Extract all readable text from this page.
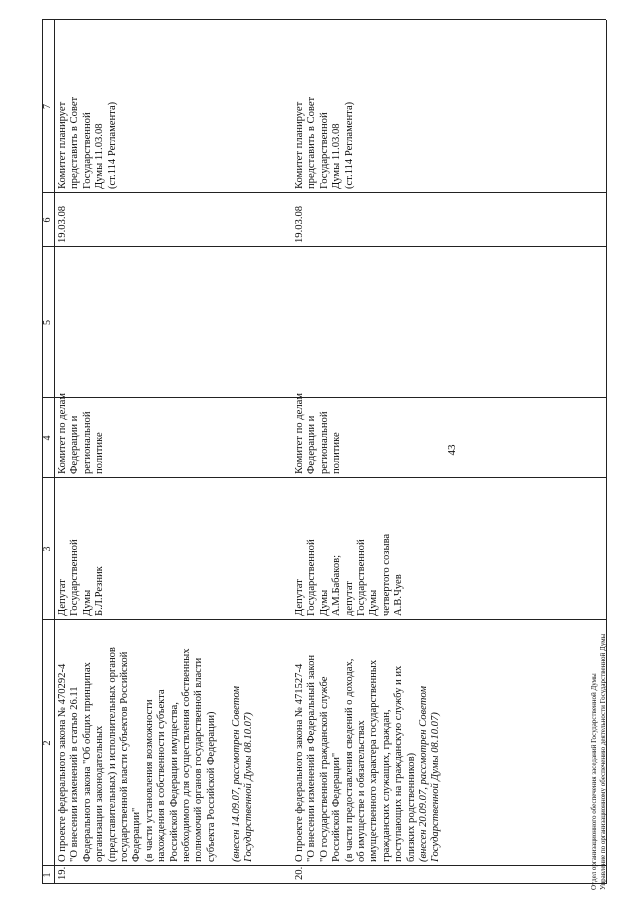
43
1
2
3
4
5
6
7
19.
О проекте федерального закона № 470292-4
"О внесении изменений в статью 26.11
Федерального закона "Об общих принципах
организации законодательных
(представительных) и исполнительных органов
государственной власти субъектов Российской
Федерации"
(в части установления возможности
нахождения в собственности субъекта
Российской Федерации имущества,
необходимого для осуществления собственных
полномочий органов государственной власти
субъекта Российской Федерации)
(внесен 14.09.07, рассмотрен Советом
Государственной Думы 08.10.07)
Депутат
Государственной
Думы
Б.Л.Резник
Комитет по делам
Федерации и
региональной
политике
19.03.08
Комитет планирует
представить в Совет
Государственной
Думы 11.03.08
(ст.114 Регламента)
20.
О проекте федерального закона № 471527-4
"О внесении изменений в Федеральный закон
"О государственной гражданской службе
Российской Федерации"
(в части предоставления сведений о доходах,
об имуществе и обязательствах
имущественного характера государственных
гражданских служащих, граждан,
поступающих на гражданскую службу и их
близких родственников)
(внесен 20.09.07, рассмотрен Советом
Государственной Думы 08.10.07)
Депутат
Государственной
Думы
А.М.Бабаков;
депутат
Государственной
Думы
четвертого созыва
А.В.Чуев
Комитет по делам
Федерации и
региональной
политике
19.03.08
Комитет планирует
представить в Совет
Государственной
Думы 11.03.08
(ст.114 Регламента)
Отдел организационного обеспечения заседаний Государственной Думы Управление по организационному обеспечению деятельности Государственной Думы
